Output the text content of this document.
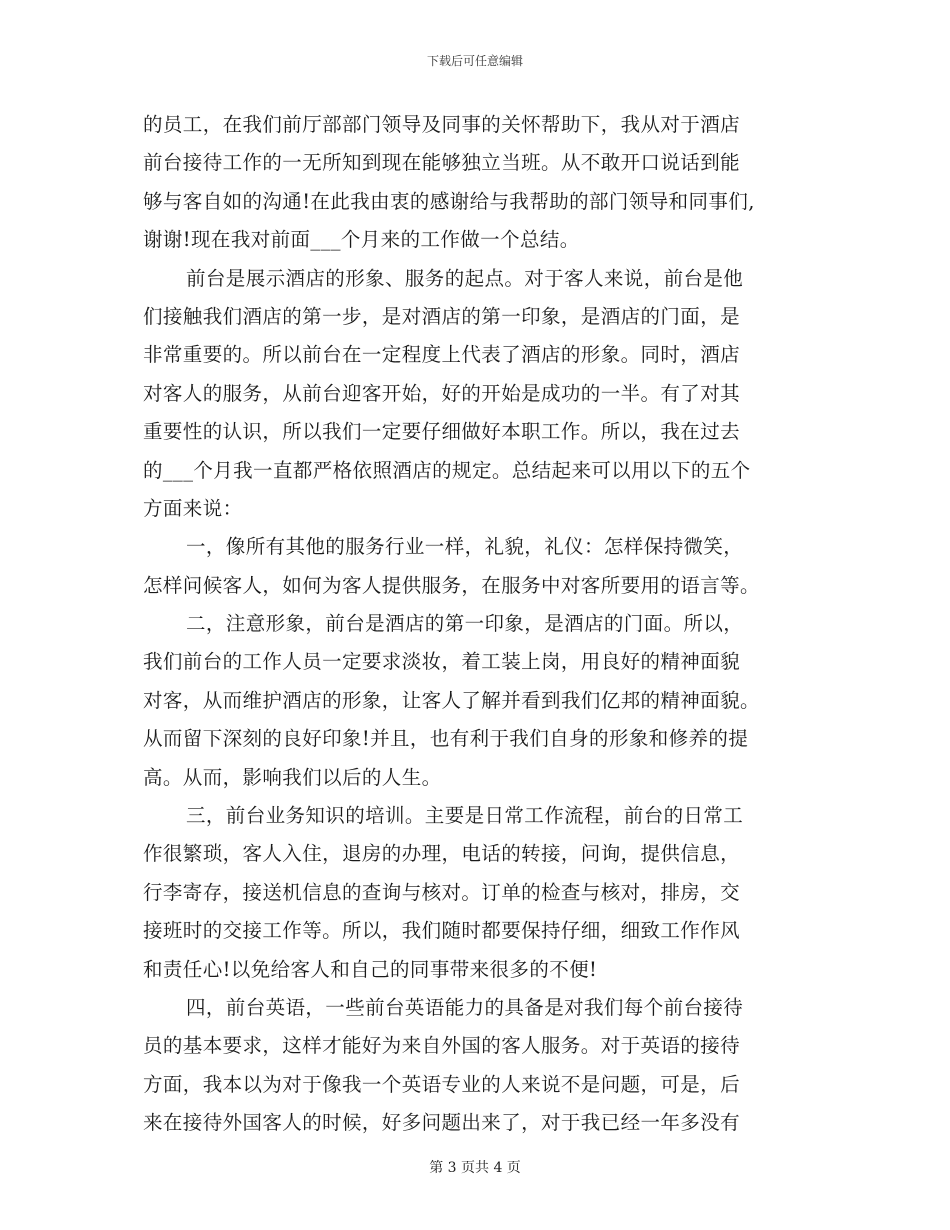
下载后可任意编辑
的员工，在我们前厅部部门领导及同事的关怀帮助下，我从对于酒店
前台接待工作的一无所知到现在能够独立当班。从不敢开口说话到能
够与客自如的沟通!在此我由衷的感谢给与我帮助的部门领导和同事们,
谢谢!现在我对前面___个月来的工作做一个总结。
前台是展示酒店的形象、服务的起点。对于客人来说，前台是他
们接触我们酒店的第一步，是对酒店的第一印象，是酒店的门面，是
非常重要的。所以前台在一定程度上代表了酒店的形象。同时，酒店
对客人的服务，从前台迎客开始，好的开始是成功的一半。有了对其
重要性的认识，所以我们一定要仔细做好本职工作。所以，我在过去
的___个月我一直都严格依照酒店的规定。总结起来可以用以下的五个
方面来说：
一，像所有其他的服务行业一样，礼貌，礼仪：怎样保持微笑，
怎样问候客人，如何为客人提供服务，在服务中对客所要用的语言等。
二，注意形象，前台是酒店的第一印象，是酒店的门面。所以，
我们前台的工作人员一定要求淡妆，着工装上岗，用良好的精神面貌
对客，从而维护酒店的形象，让客人了解并看到我们亿邦的精神面貌。
从而留下深刻的良好印象!并且，也有利于我们自身的形象和修养的提
高。从而，影响我们以后的人生。
三，前台业务知识的培训。主要是日常工作流程，前台的日常工
作很繁琐，客人入住，退房的办理，电话的转接，问询，提供信息，
行李寄存，接送机信息的查询与核对。订单的检查与核对，排房，交
接班时的交接工作等。所以，我们随时都要保持仔细，细致工作作风
和责任心!以免给客人和自己的同事带来很多的不便!
四，前台英语，一些前台英语能力的具备是对我们每个前台接待
员的基本要求，这样才能好为来自外国的客人服务。对于英语的接待
方面，我本以为对于像我一个英语专业的人来说不是问题，可是，后
来在接待外国客人的时候，好多问题出来了，对于我已经一年多没有
第 3 页共 4 页
